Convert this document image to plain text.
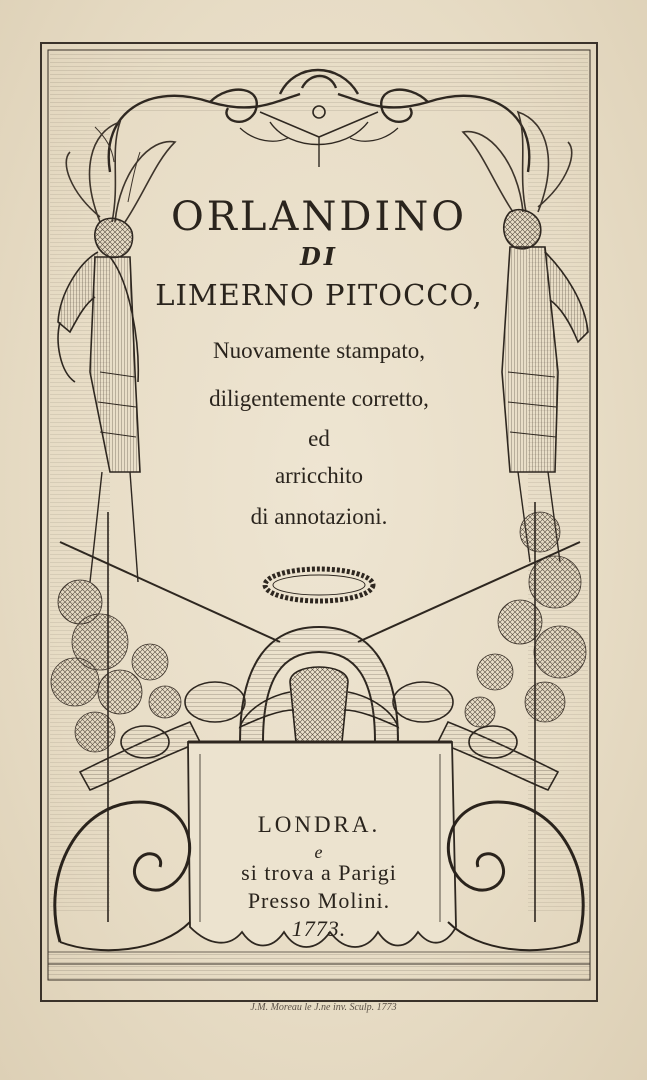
ORLANDINO
DI
LIMERNO PITOCCO,
Nuovamente stampato,
diligentemente corretto,
ed
arricchito
di annotazioni.
LONDRA.
e
si trova a Parigi
Presso Molini.
1773.
J.M. Moreau le J.ne inv. Sculp. 1773
